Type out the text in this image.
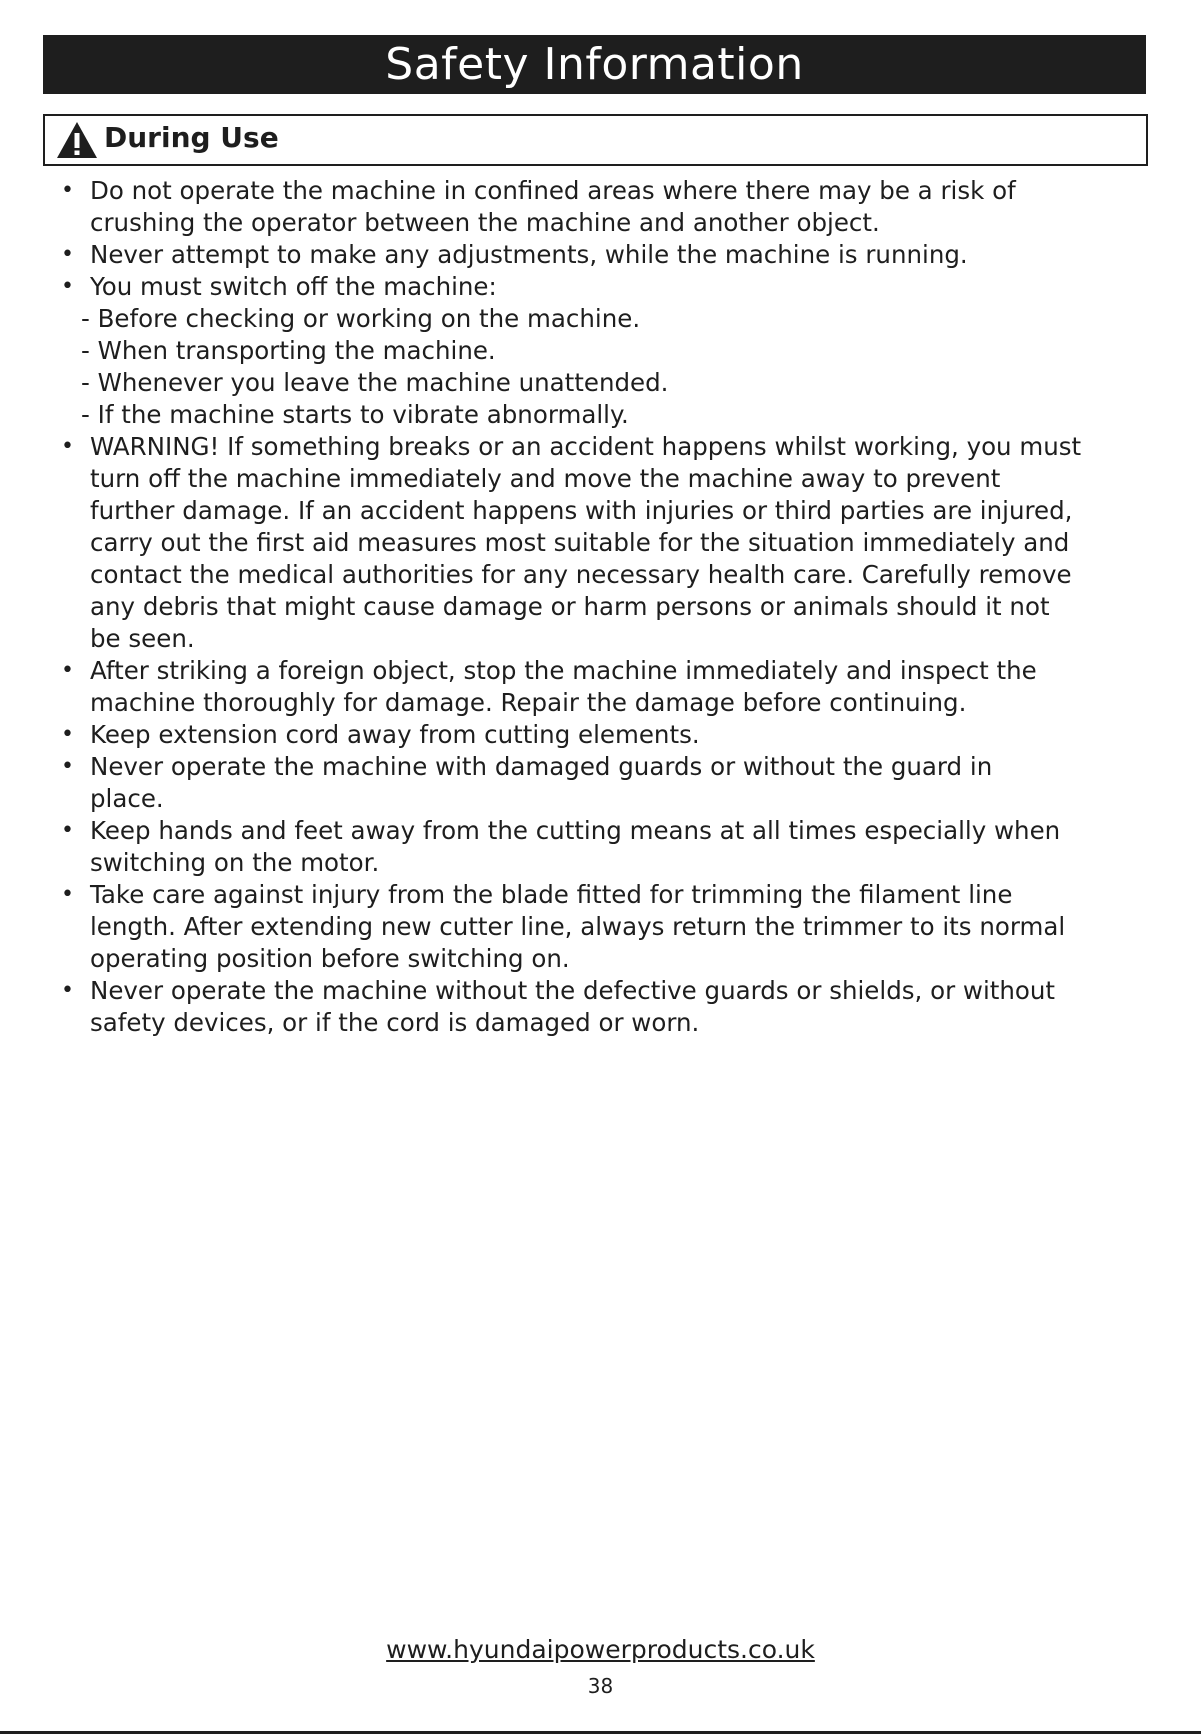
Safety Information
During Use
• Do not operate the machine in confined areas where there may be a risk of
crushing the operator between the machine and another object.
• Never attempt to make any adjustments, while the machine is running.
• You must switch off the machine:
- Before checking or working on the machine.
- When transporting the machine.
- Whenever you leave the machine unattended.
- If the machine starts to vibrate abnormally.
• WARNING! If something breaks or an accident happens whilst working, you must
turn off the machine immediately and move the machine away to prevent
further damage. If an accident happens with injuries or third parties are injured,
carry out the first aid measures most suitable for the situation immediately and
contact the medical authorities for any necessary health care. Carefully remove
any debris that might cause damage or harm persons or animals should it not
be seen.
• After striking a foreign object, stop the machine immediately and inspect the
machine thoroughly for damage. Repair the damage before continuing.
• Keep extension cord away from cutting elements.
• Never operate the machine with damaged guards or without the guard in
place.
• Keep hands and feet away from the cutting means at all times especially when
switching on the motor.
• Take care against injury from the blade fitted for trimming the filament line
length. After extending new cutter line, always return the trimmer to its normal
operating position before switching on.
• Never operate the machine without the defective guards or shields, or without
safety devices, or if the cord is damaged or worn.
www.hyundaipowerproducts.co.uk
38
